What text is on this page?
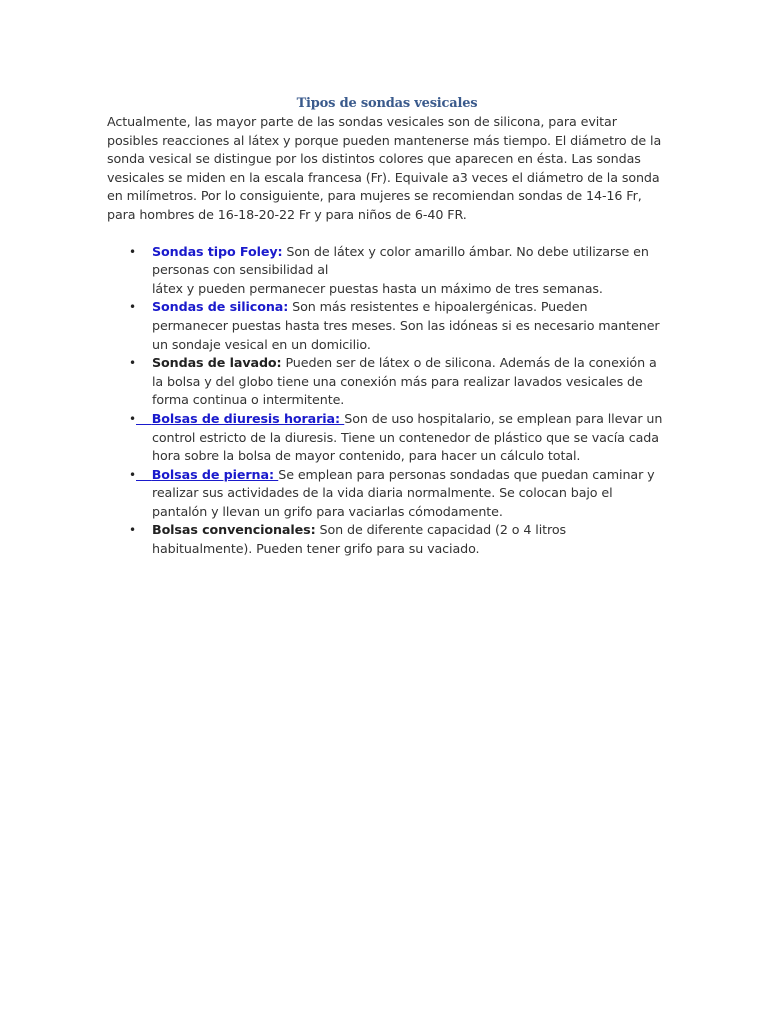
Tipos de sondas vesicales

Actualmente, las mayor parte de las sondas vesicales son de silicona, para evitar posibles reacciones al látex y porque pueden mantenerse más tiempo. El diámetro de la sonda vesical se distingue por los distintos colores que aparecen en ésta. Las sondas vesicales se miden en la escala francesa (Fr). Equivale a3 veces el diámetro de la sonda en milímetros. Por lo consiguiente, para mujeres se recomiendan sondas de 14-16 Fr, para hombres de 16-18-20-22 Fr y para niños de 6-40 FR.

• Sondas tipo Foley: Son de látex y color amarillo ámbar. No debe utilizarse en personas con sensibilidad al
látex y pueden permanecer puestas hasta un máximo de tres semanas.
• Sondas de silicona: Son más resistentes e hipoalergénicas. Pueden permanecer puestas hasta tres meses. Son las idóneas si es necesario mantener un sondaje vesical en un domicilio.
• Sondas de lavado: Pueden ser de látex o de silicona. Además de la conexión a la bolsa y del globo tiene una conexión más para realizar lavados vesicales de forma continua o intermitente.
• Bolsas de diuresis horaria: Son de uso hospitalario, se emplean para llevar un control estricto de la diuresis. Tiene un contenedor de plástico que se vacía cada hora sobre la bolsa de mayor contenido, para hacer un cálculo total.
• Bolsas de pierna: Se emplean para personas sondadas que puedan caminar y realizar sus actividades de la vida diaria normalmente. Se colocan bajo el pantalón y llevan un grifo para vaciarlas cómodamente.
• Bolsas convencionales: Son de diferente capacidad (2 o 4 litros habitualmente). Pueden tener grifo para su vaciado.
